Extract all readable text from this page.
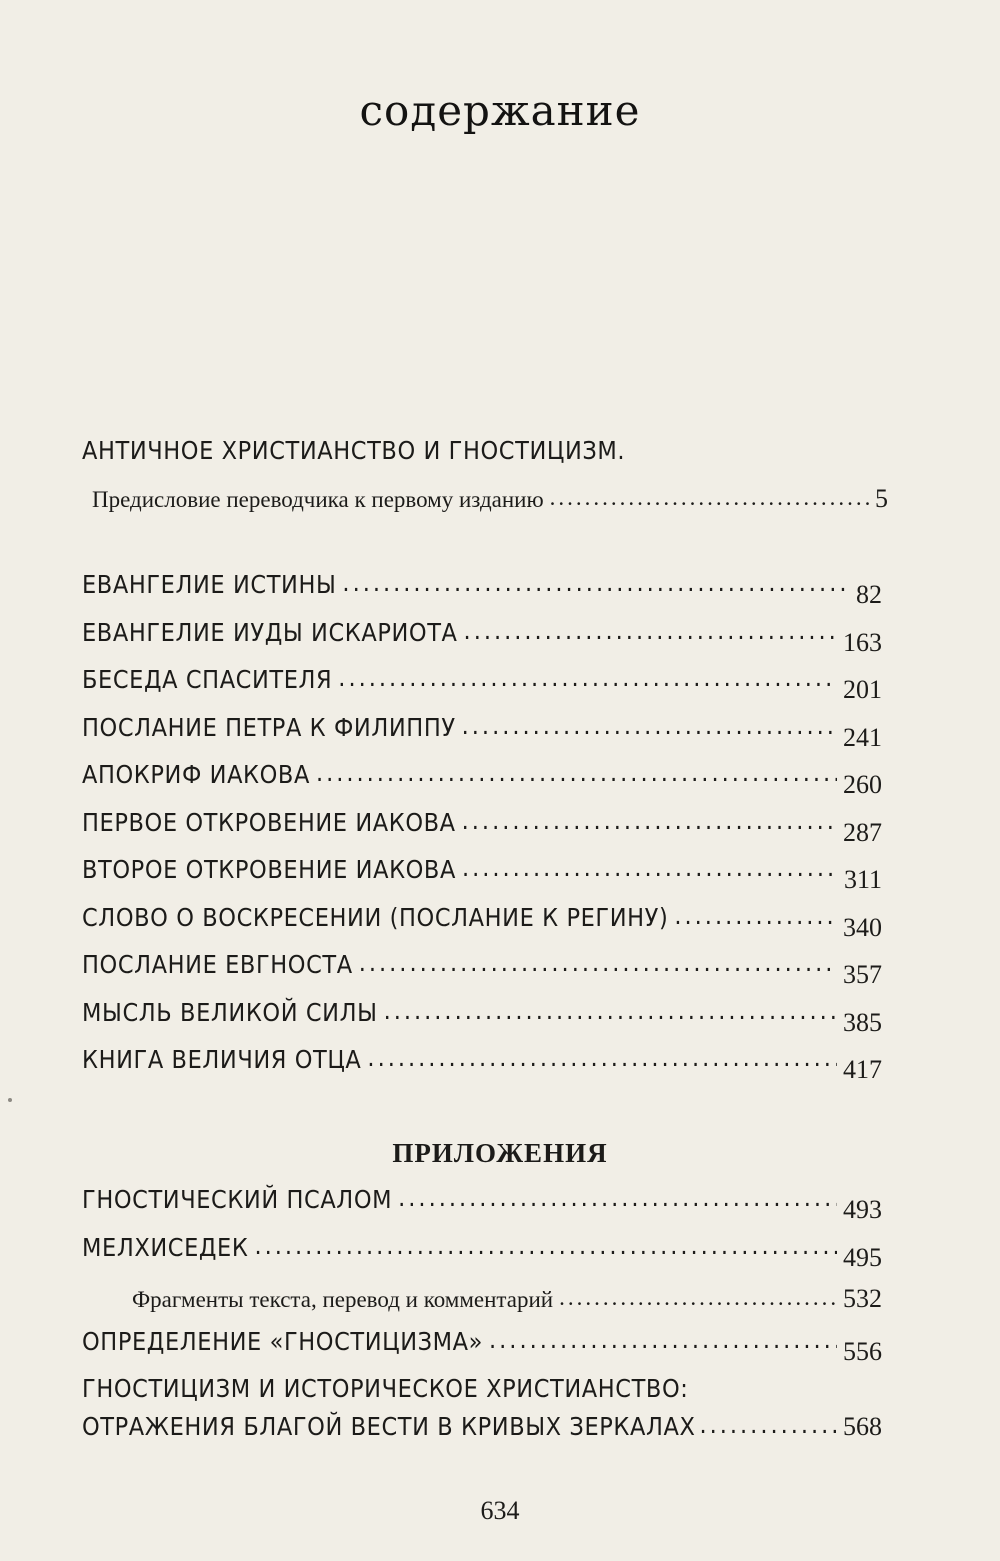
содержание
АНТИЧНОЕ ХРИСТИАНСТВО И ГНОСТИЦИЗМ.
Предисловие переводчика к первому изданию .....	5
ЕВАНГЕЛИЕ ИСТИНЫ .....	82
ЕВАНГЕЛИЕ ИУДЫ ИСКАРИОТА .....	163
БЕСЕДА СПАСИТЕЛЯ .....	201
ПОСЛАНИЕ ПЕТРА К ФИЛИППУ .....	241
АПОКРИФ ИАКОВА .....	260
ПЕРВОЕ ОТКРОВЕНИЕ ИАКОВА .....	287
ВТОРОЕ ОТКРОВЕНИЕ ИАКОВА .....	311
СЛОВО О ВОСКРЕСЕНИИ (ПОСЛАНИЕ К РЕГИНУ) .....	340
ПОСЛАНИЕ ЕВГНОСТА .....	357
МЫСЛЬ ВЕЛИКОЙ СИЛЫ .....	385
КНИГА ВЕЛИЧИЯ ОТЦА .....	417
ПРИЛОЖЕНИЯ
ГНОСТИЧЕСКИЙ ПСАЛОМ .....	493
МЕЛХИСЕДЕК .....	495
Фрагменты текста, перевод и комментарий .....	532
ОПРЕДЕЛЕНИЕ «ГНОСТИЦИЗМА» .....	556
ГНОСТИЦИЗМ И ИСТОРИЧЕСКОЕ ХРИСТИАНСТВО:
ОТРАЖЕНИЯ БЛАГОЙ ВЕСТИ В КРИВЫХ ЗЕРКАЛАХ .....	568
634
